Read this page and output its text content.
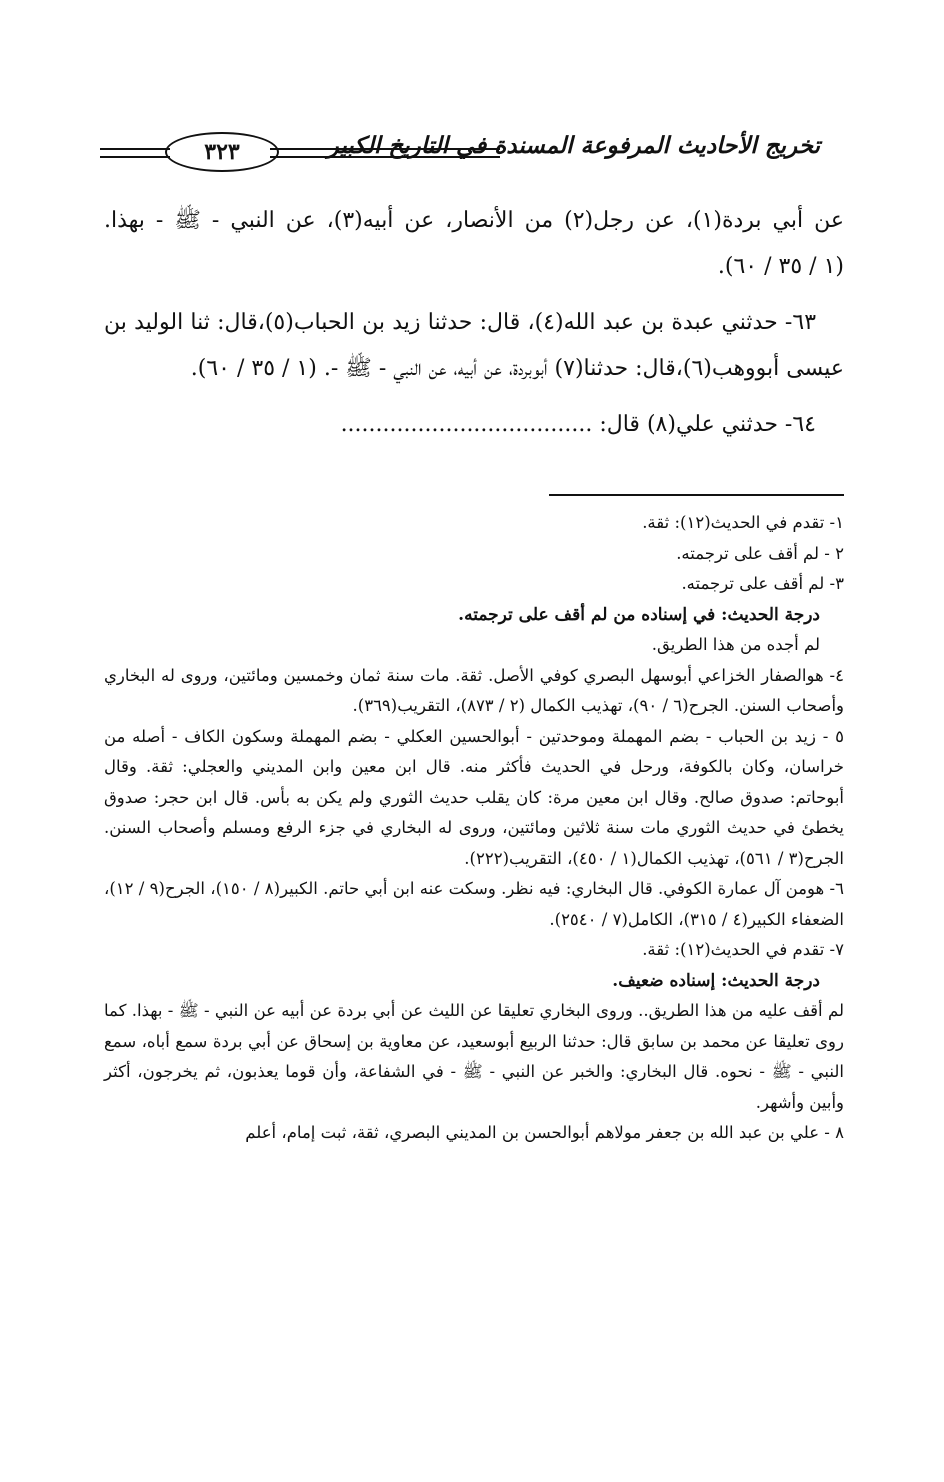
تخريج الأحاديث المرفوعة المسندة في التاريخ الكبير
٣٢٣

عن أبي بردة(١)، عن رجل(٢) من الأنصار، عن أبيه(٣)، عن النبي - ﷺ - بهذا. (١ / ٣٥ / ٦٠).

٦٣- حدثني عبدة بن عبد الله(٤)، قال: حدثنا زيد بن الحباب(٥)،قال: ثنا الوليد بن عيسى أبووهب(٦)،قال: حدثنا(٧) أبوبردة، عن أبيه، عن النبي - ﷺ -. (١ / ٣٥ / ٦٠).

٦٤- حدثني علي(٨) قال: ....................................

١- تقدم في الحديث(١٢): ثقة.

٢ - لم أقف على ترجمته.

٣- لم أقف على ترجمته.

درجة الحديث: في إسناده من لم أقف على ترجمته.

لم أجده من هذا الطريق.

٤- هوالصفار الخزاعي أبوسهل البصري كوفي الأصل. ثقة. مات سنة ثمان وخمسين ومائتين، وروى له البخاري وأصحاب السنن. الجرح(٦ / ٩٠)، تهذيب الكمال (٢ / ٨٧٣)، التقريب(٣٦٩).

٥ - زيد بن الحباب - بضم المهملة وموحدتين - أبوالحسين العكلي - بضم المهملة وسكون الكاف - أصله من خراسان، وكان بالكوفة، ورحل في الحديث فأكثر منه. قال ابن معين وابن المديني والعجلي: ثقة. وقال أبوحاتم: صدوق صالح. وقال ابن معين مرة: كان يقلب حديث الثوري ولم يكن به بأس. قال ابن حجر: صدوق يخطئ في حديث الثوري مات سنة ثلاثين ومائتين، وروى له البخاري في جزء الرفع ومسلم وأصحاب السنن. الجرح(٣ / ٥٦١)، تهذيب الكمال(١ / ٤٥٠)، التقريب(٢٢٢).

٦- هومن آل عمارة الكوفي. قال البخاري: فيه نظر. وسكت عنه ابن أبي حاتم. الكبير(٨ / ١٥٠)، الجرح(٩ / ١٢)، الضعفاء الكبير(٤ / ٣١٥)، الكامل(٧ / ٢٥٤٠).

٧- تقدم في الحديث(١٢): ثقة.

درجة الحديث: إسناده ضعيف.

لم أقف عليه من هذا الطريق.. وروى البخاري تعليقا عن الليث عن أبي بردة عن أبيه عن النبي - ﷺ - بهذا. كما روى تعليقا عن محمد بن سابق قال: حدثنا الربيع أبوسعيد، عن معاوية بن إسحاق عن أبي بردة سمع أباه، سمع النبي - ﷺ - نحوه. قال البخاري: والخبر عن النبي - ﷺ - في الشفاعة، وأن قوما يعذبون، ثم يخرجون، أكثر وأبين وأشهر.

٨ - علي بن عبد الله بن جعفر مولاهم أبوالحسن بن المديني البصري، ثقة، ثبت إمام، أعلم
